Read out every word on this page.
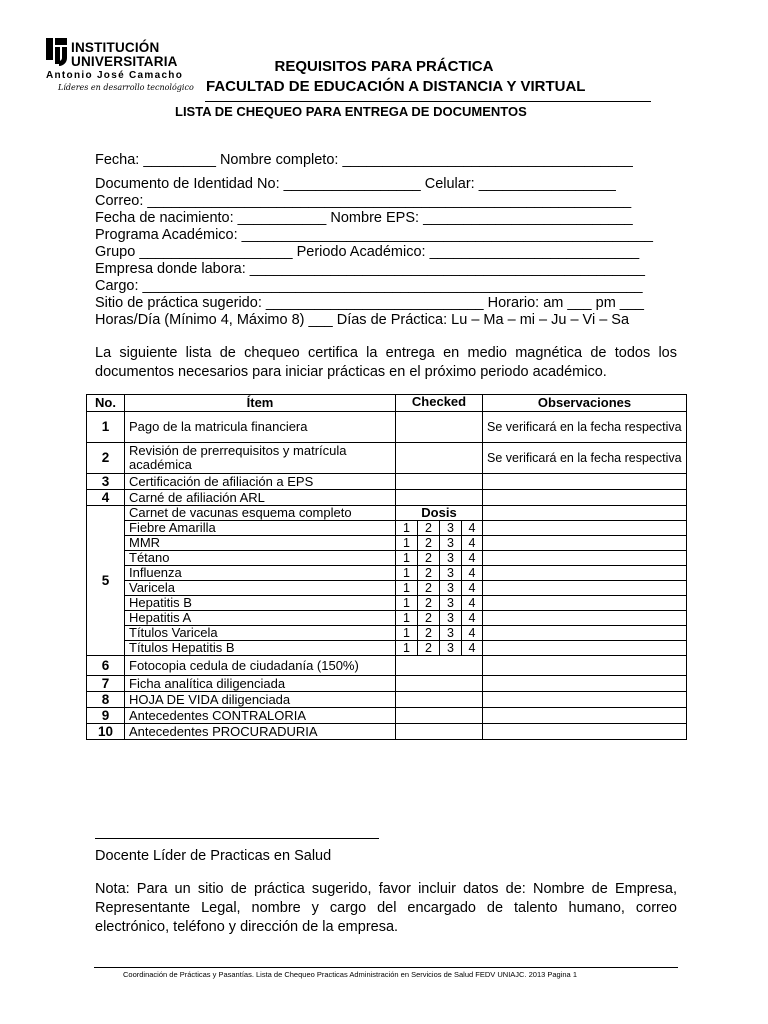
INSTITUCIÓN
UNIVERSITARIA
Antonio José Camacho
Líderes en desarrollo tecnológico
REQUISITOS PARA PRÁCTICA
FACULTAD DE EDUCACIÓN A DISTANCIA Y VIRTUAL
LISTA DE CHEQUEO PARA ENTREGA DE DOCUMENTOS
Fecha: _________ Nombre completo: ____________________________________
Documento de Identidad No: _________________ Celular: _________________
Correo: ____________________________________________________________
Fecha de nacimiento: ___________ Nombre EPS: __________________________
Programa Académico: ___________________________________________________
Grupo ___________________ Periodo Académico: __________________________
Empresa donde labora: _________________________________________________
Cargo: ______________________________________________________________
Sitio de práctica sugerido: ___________________________ Horario: am ___ pm ___
Horas/Día (Mínimo 4, Máximo 8) ___ Días de Práctica: Lu – Ma – mi – Ju – Vi – Sa
La siguiente lista de chequeo certifica la entrega en medio magnética de todos los documentos necesarios para iniciar prácticas en el próximo periodo académico.
No.	Ítem	Checked				Observaciones
1	Pago de la matricula financiera					Se verificará en la fecha respectiva
2	Revisión de prerrequisitos y matrícula académica					Se verificará en la fecha respectiva
3	Certificación de afiliación a EPS					
4	Carné de afiliación ARL					
5	Carnet de vacunas esquema completo	Dosis				
	Fiebre Amarilla	1	2	3	4	
	MMR	1	2	3	4	
	Tétano	1	2	3	4	
	Influenza	1	2	3	4	
	Varicela	1	2	3	4	
	Hepatitis B	1	2	3	4	
	Hepatitis A	1	2	3	4	
	Títulos Varicela	1	2	3	4	
	Títulos Hepatitis B	1	2	3	4	
6	Fotocopia cedula de ciudadanía (150%)					
7	Ficha analítica diligenciada					
8	HOJA DE VIDA diligenciada					
9	Antecedentes CONTRALORIA					
10	Antecedentes PROCURADURIA					
Docente Líder de Practicas en Salud
Nota: Para un sitio de práctica sugerido, favor incluir datos de: Nombre de Empresa, Representante Legal, nombre y cargo del encargado de talento humano, correo electrónico, teléfono y dirección de la empresa.
Coordinación de Prácticas y Pasantías. Lista de Chequeo Practicas Administración en Servicios de Salud FEDV UNIAJC. 2013 Pagina 1
